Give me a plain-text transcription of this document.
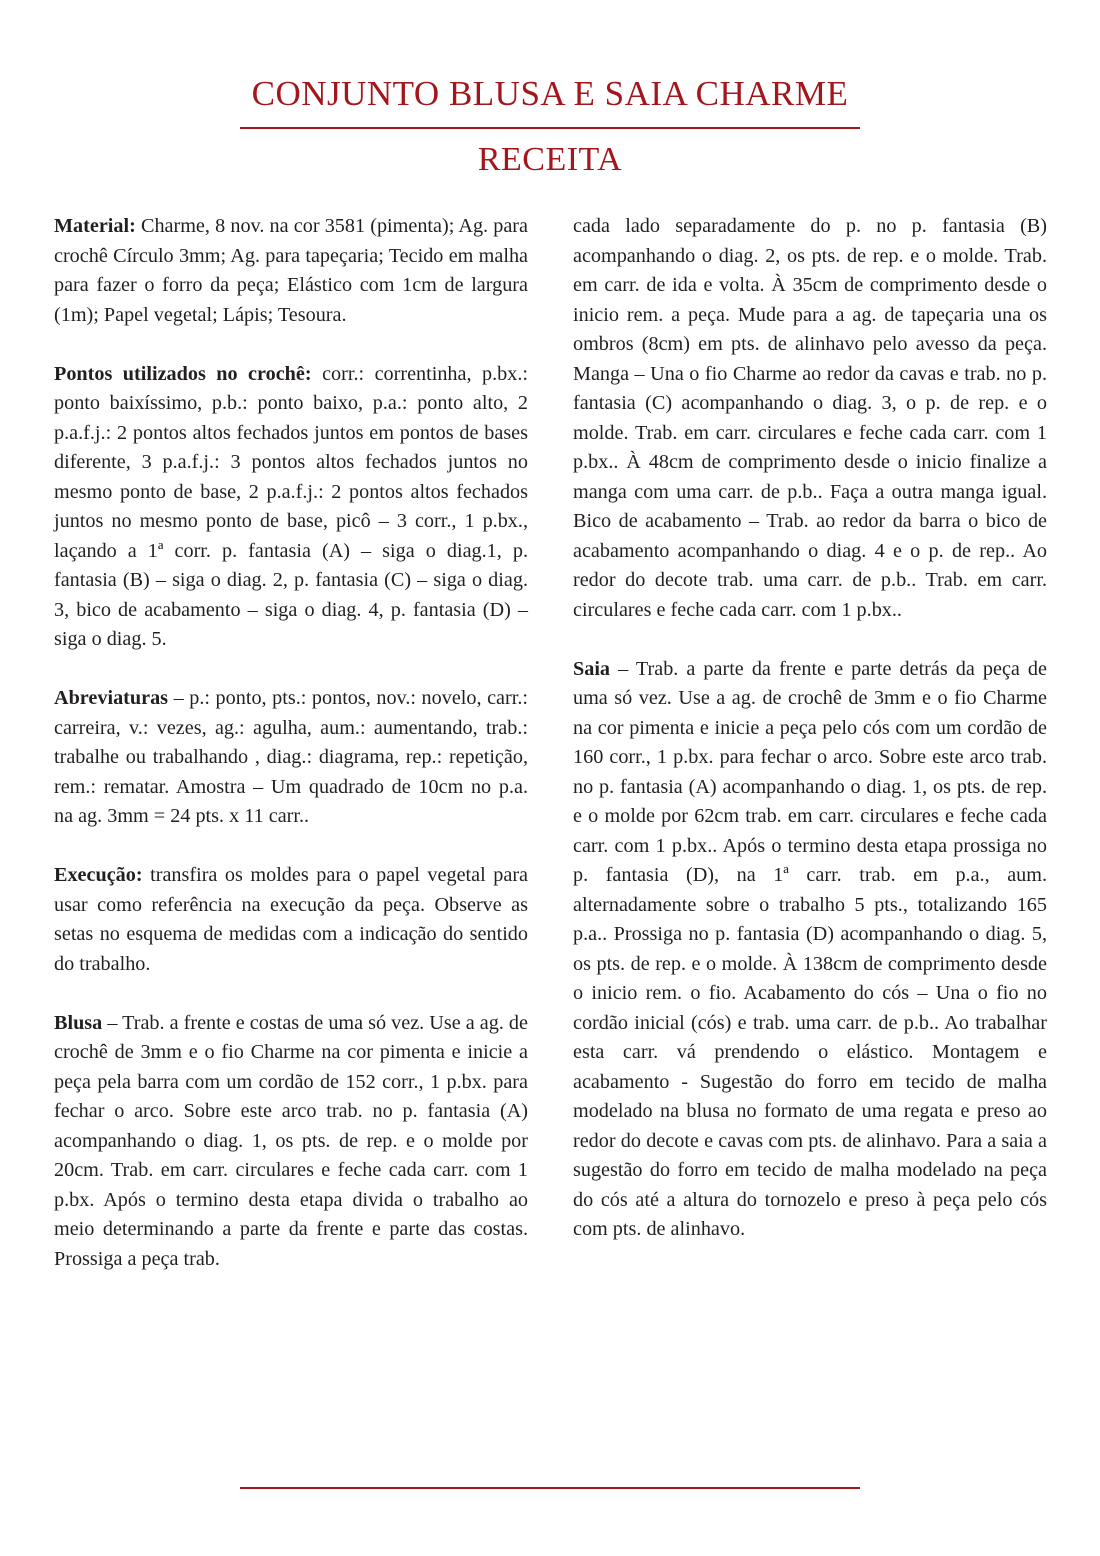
CONJUNTO BLUSA E SAIA CHARME
RECEITA

Material: Charme, 8 nov. na cor 3581 (pimenta); Ag. para crochê Círculo 3mm; Ag. para tapeçaria; Tecido em malha para fazer o forro da peça; Elástico com 1cm de largura (1m); Papel vegetal; Lápis; Tesoura.

Pontos utilizados no crochê: corr.: correntinha, p.bx.: ponto baixíssimo, p.b.: ponto baixo, p.a.: ponto alto, 2 p.a.f.j.: 2 pontos altos fechados juntos em pontos de bases diferente, 3 p.a.f.j.: 3 pontos altos fechados juntos no mesmo ponto de base, 2 p.a.f.j.: 2 pontos altos fechados juntos no mesmo ponto de base, picô – 3 corr., 1 p.bx., laçando a 1ª corr. p. fantasia (A) – siga o diag.1, p. fantasia (B) – siga o diag. 2, p. fantasia (C) – siga o diag. 3, bico de acabamento – siga o diag. 4, p. fantasia (D) – siga o diag. 5.

Abreviaturas – p.: ponto, pts.: pontos, nov.: novelo, carr.: carreira, v.: vezes, ag.: agulha, aum.: aumentando, trab.: trabalhe ou trabalhando , diag.: diagrama, rep.: repetição, rem.: rematar. Amostra – Um quadrado de 10cm no p.a. na ag. 3mm = 24 pts. x 11 carr..

Execução: transfira os moldes para o papel vegetal para usar como referência na execução da peça. Observe as setas no esquema de medidas com a indicação do sentido do trabalho.

Blusa – Trab. a frente e costas de uma só vez. Use a ag. de crochê de 3mm e o fio Charme na cor pimenta e inicie a peça pela barra com um cordão de 152 corr., 1 p.bx. para fechar o arco. Sobre este arco trab. no p. fantasia (A) acompanhando o diag. 1, os pts. de rep. e o molde por 20cm. Trab. em carr. circulares e feche cada carr. com 1 p.bx. Após o termino desta etapa divida o trabalho ao meio determinando a parte da frente e parte das costas. Prossiga a peça trab.

cada lado separadamente do p. no p. fantasia (B) acompanhando o diag. 2, os pts. de rep. e o molde. Trab. em carr. de ida e volta. À 35cm de comprimento desde o inicio rem. a peça. Mude para a ag. de tapeçaria una os ombros (8cm) em pts. de alinhavo pelo avesso da peça. Manga – Una o fio Charme ao redor da cavas e trab. no p. fantasia (C) acompanhando o diag. 3, o p. de rep. e o molde. Trab. em carr. circulares e feche cada carr. com 1 p.bx.. À 48cm de comprimento desde o inicio finalize a manga com uma carr. de p.b.. Faça a outra manga igual. Bico de acabamento – Trab. ao redor da barra o bico de acabamento acompanhando o diag. 4 e o p. de rep.. Ao redor do decote trab. uma carr. de p.b.. Trab. em carr. circulares e feche cada carr. com 1 p.bx..

Saia – Trab. a parte da frente e parte detrás da peça de uma só vez. Use a ag. de crochê de 3mm e o fio Charme na cor pimenta e inicie a peça pelo cós com um cordão de 160 corr., 1 p.bx. para fechar o arco. Sobre este arco trab. no p. fantasia (A) acompanhando o diag. 1, os pts. de rep. e o molde por 62cm trab. em carr. circulares e feche cada carr. com 1 p.bx.. Após o termino desta etapa prossiga no p. fantasia (D), na 1ª carr. trab. em p.a., aum. alternadamente sobre o trabalho 5 pts., totalizando 165 p.a.. Prossiga no p. fantasia (D) acompanhando o diag. 5, os pts. de rep. e o molde. À 138cm de comprimento desde o inicio rem. o fio. Acabamento do cós – Una o fio no cordão inicial (cós) e trab. uma carr. de p.b.. Ao trabalhar esta carr. vá prendendo o elástico. Montagem e acabamento - Sugestão do forro em tecido de malha modelado na blusa no formato de uma regata e preso ao redor do decote e cavas com pts. de alinhavo. Para a saia a sugestão do forro em tecido de malha modelado na peça do cós até a altura do tornozelo e preso à peça pelo cós com pts. de alinhavo.
